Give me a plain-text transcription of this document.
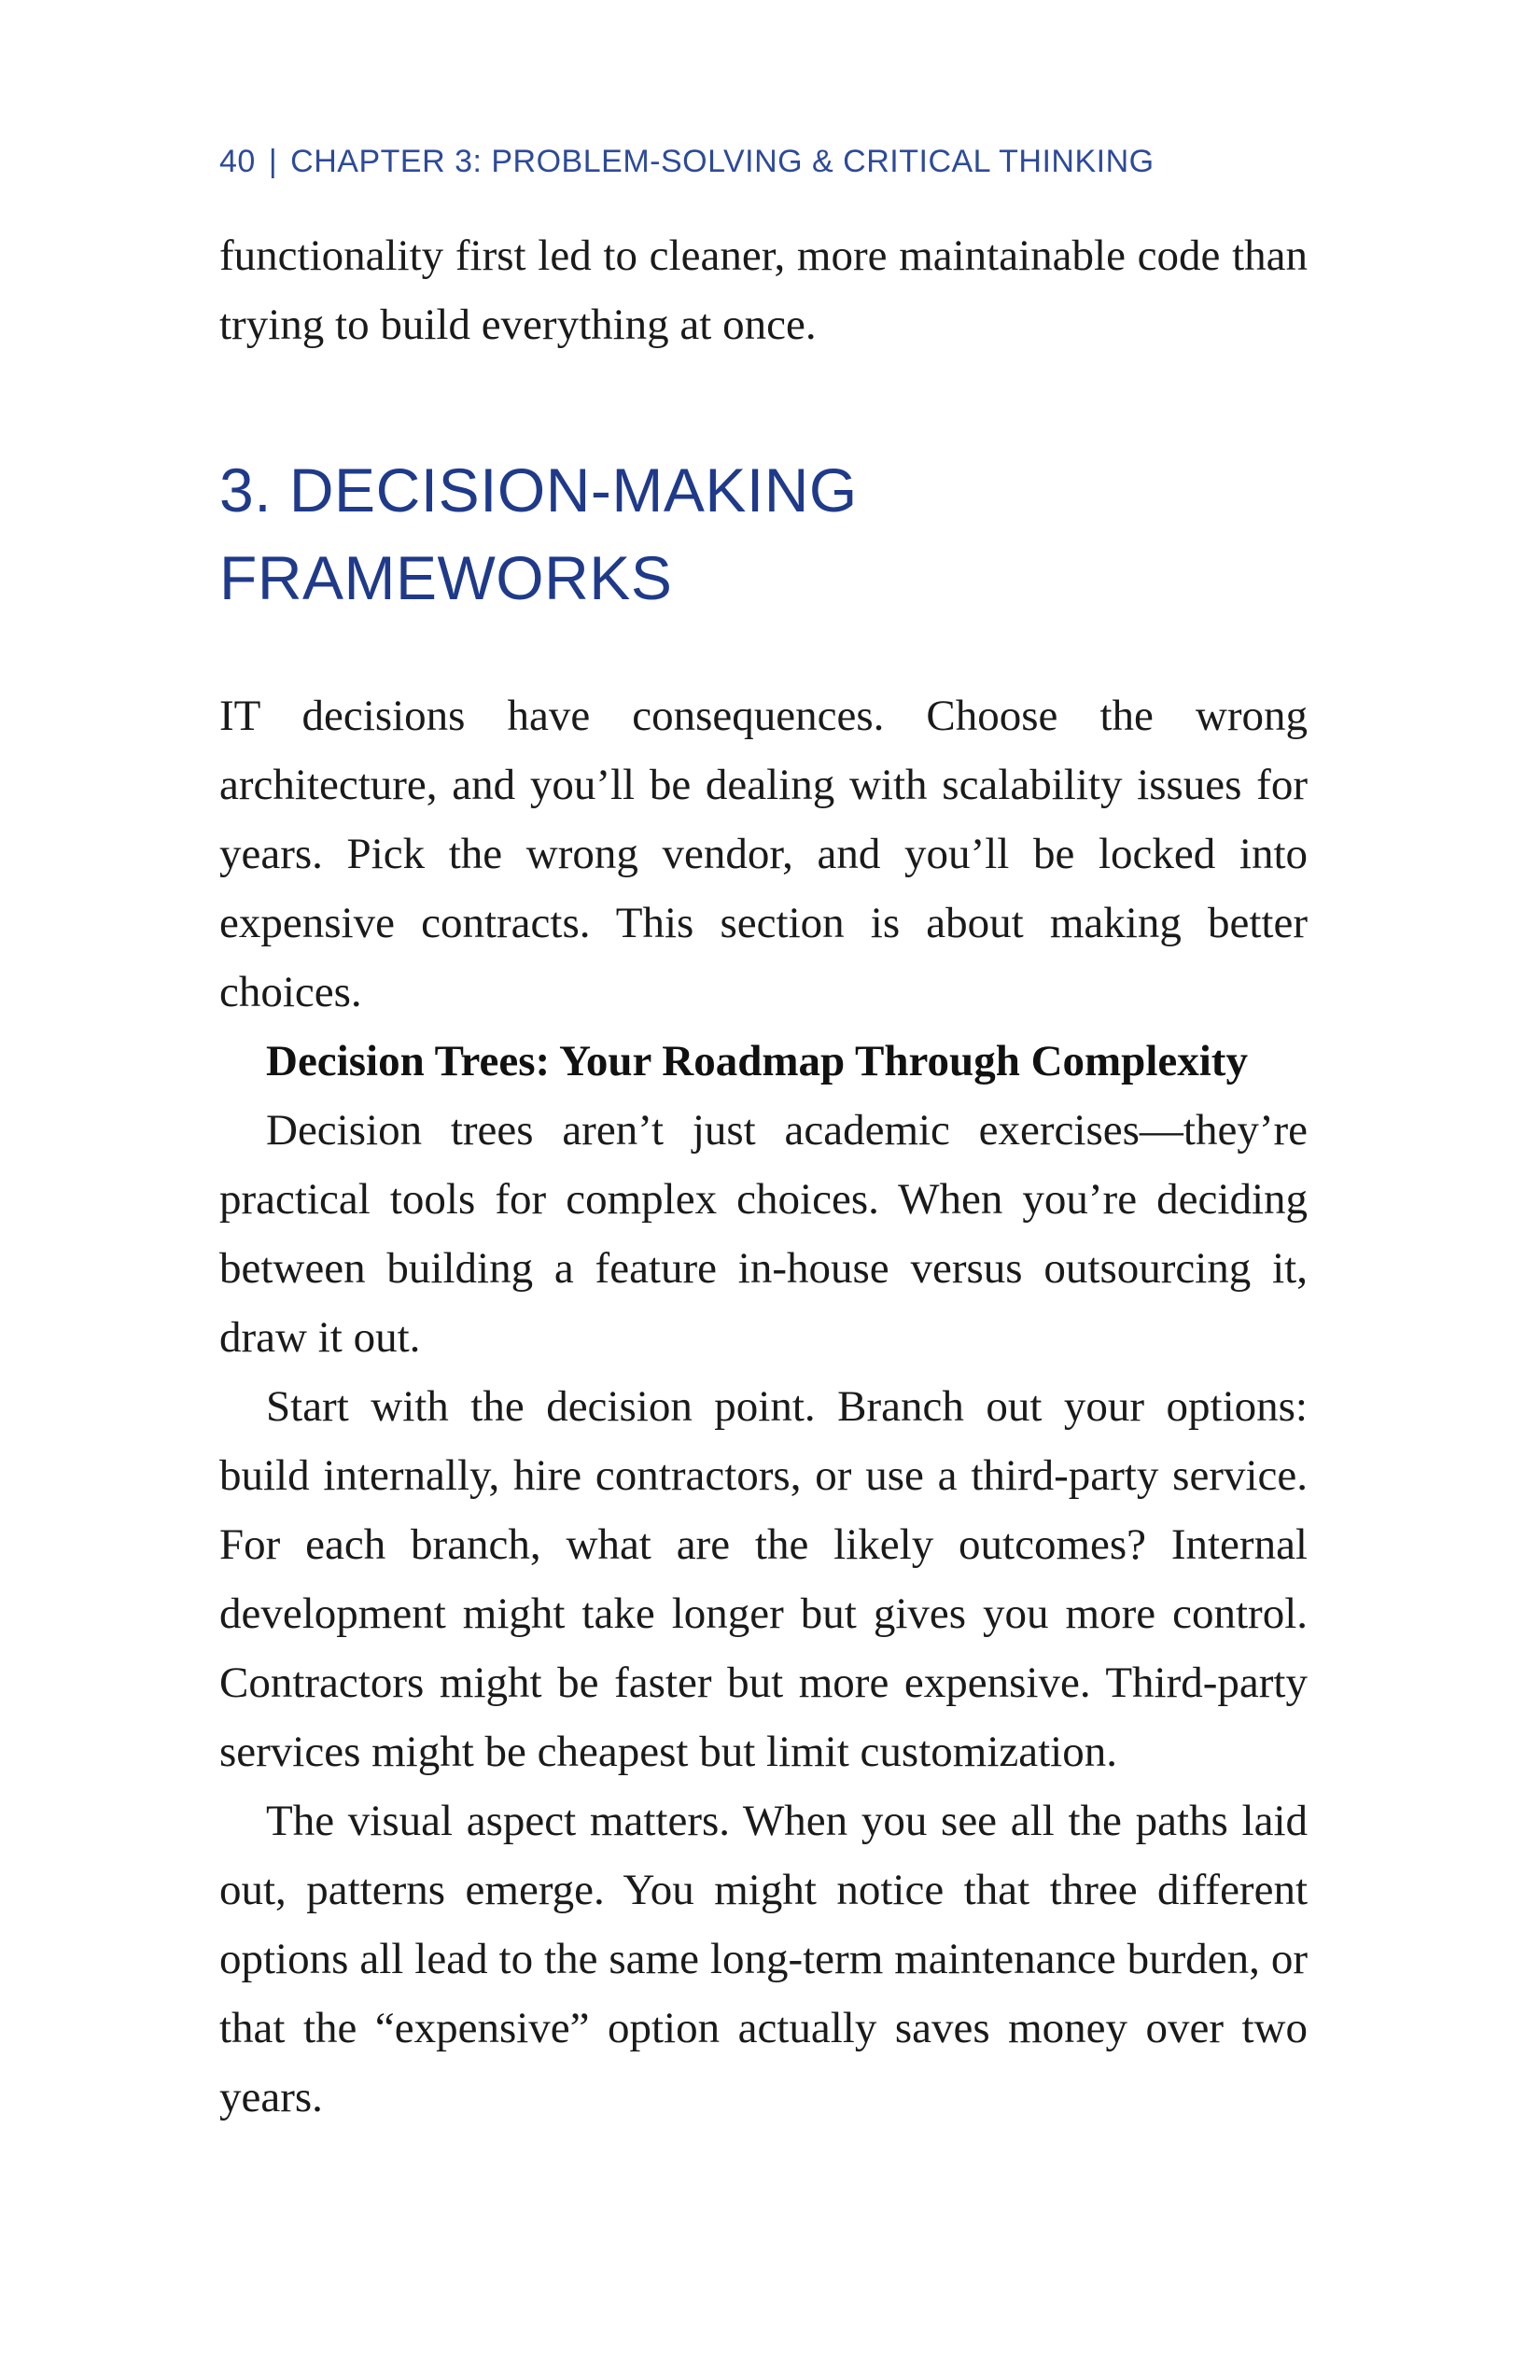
40 | CHAPTER 3: PROBLEM-SOLVING & CRITICAL THINKING

functionality first led to cleaner, more maintainable code than trying to build everything at once.

3. DECISION-MAKING
FRAMEWORKS

IT decisions have consequences. Choose the wrong architecture, and you’ll be dealing with scalability issues for years. Pick the wrong vendor, and you’ll be locked into expensive contracts. This section is about making better choices.

Decision Trees: Your Roadmap Through Complexity

Decision trees aren’t just academic exercises—they’re practical tools for complex choices. When you’re deciding between building a feature in-house versus outsourcing it, draw it out.

Start with the decision point. Branch out your options: build internally, hire contractors, or use a third-party service. For each branch, what are the likely outcomes? Internal development might take longer but gives you more control. Contractors might be faster but more expensive. Third-party services might be cheapest but limit customization.

The visual aspect matters. When you see all the paths laid out, patterns emerge. You might notice that three different options all lead to the same long-term maintenance burden, or that the “expensive” option actually saves money over two years.
